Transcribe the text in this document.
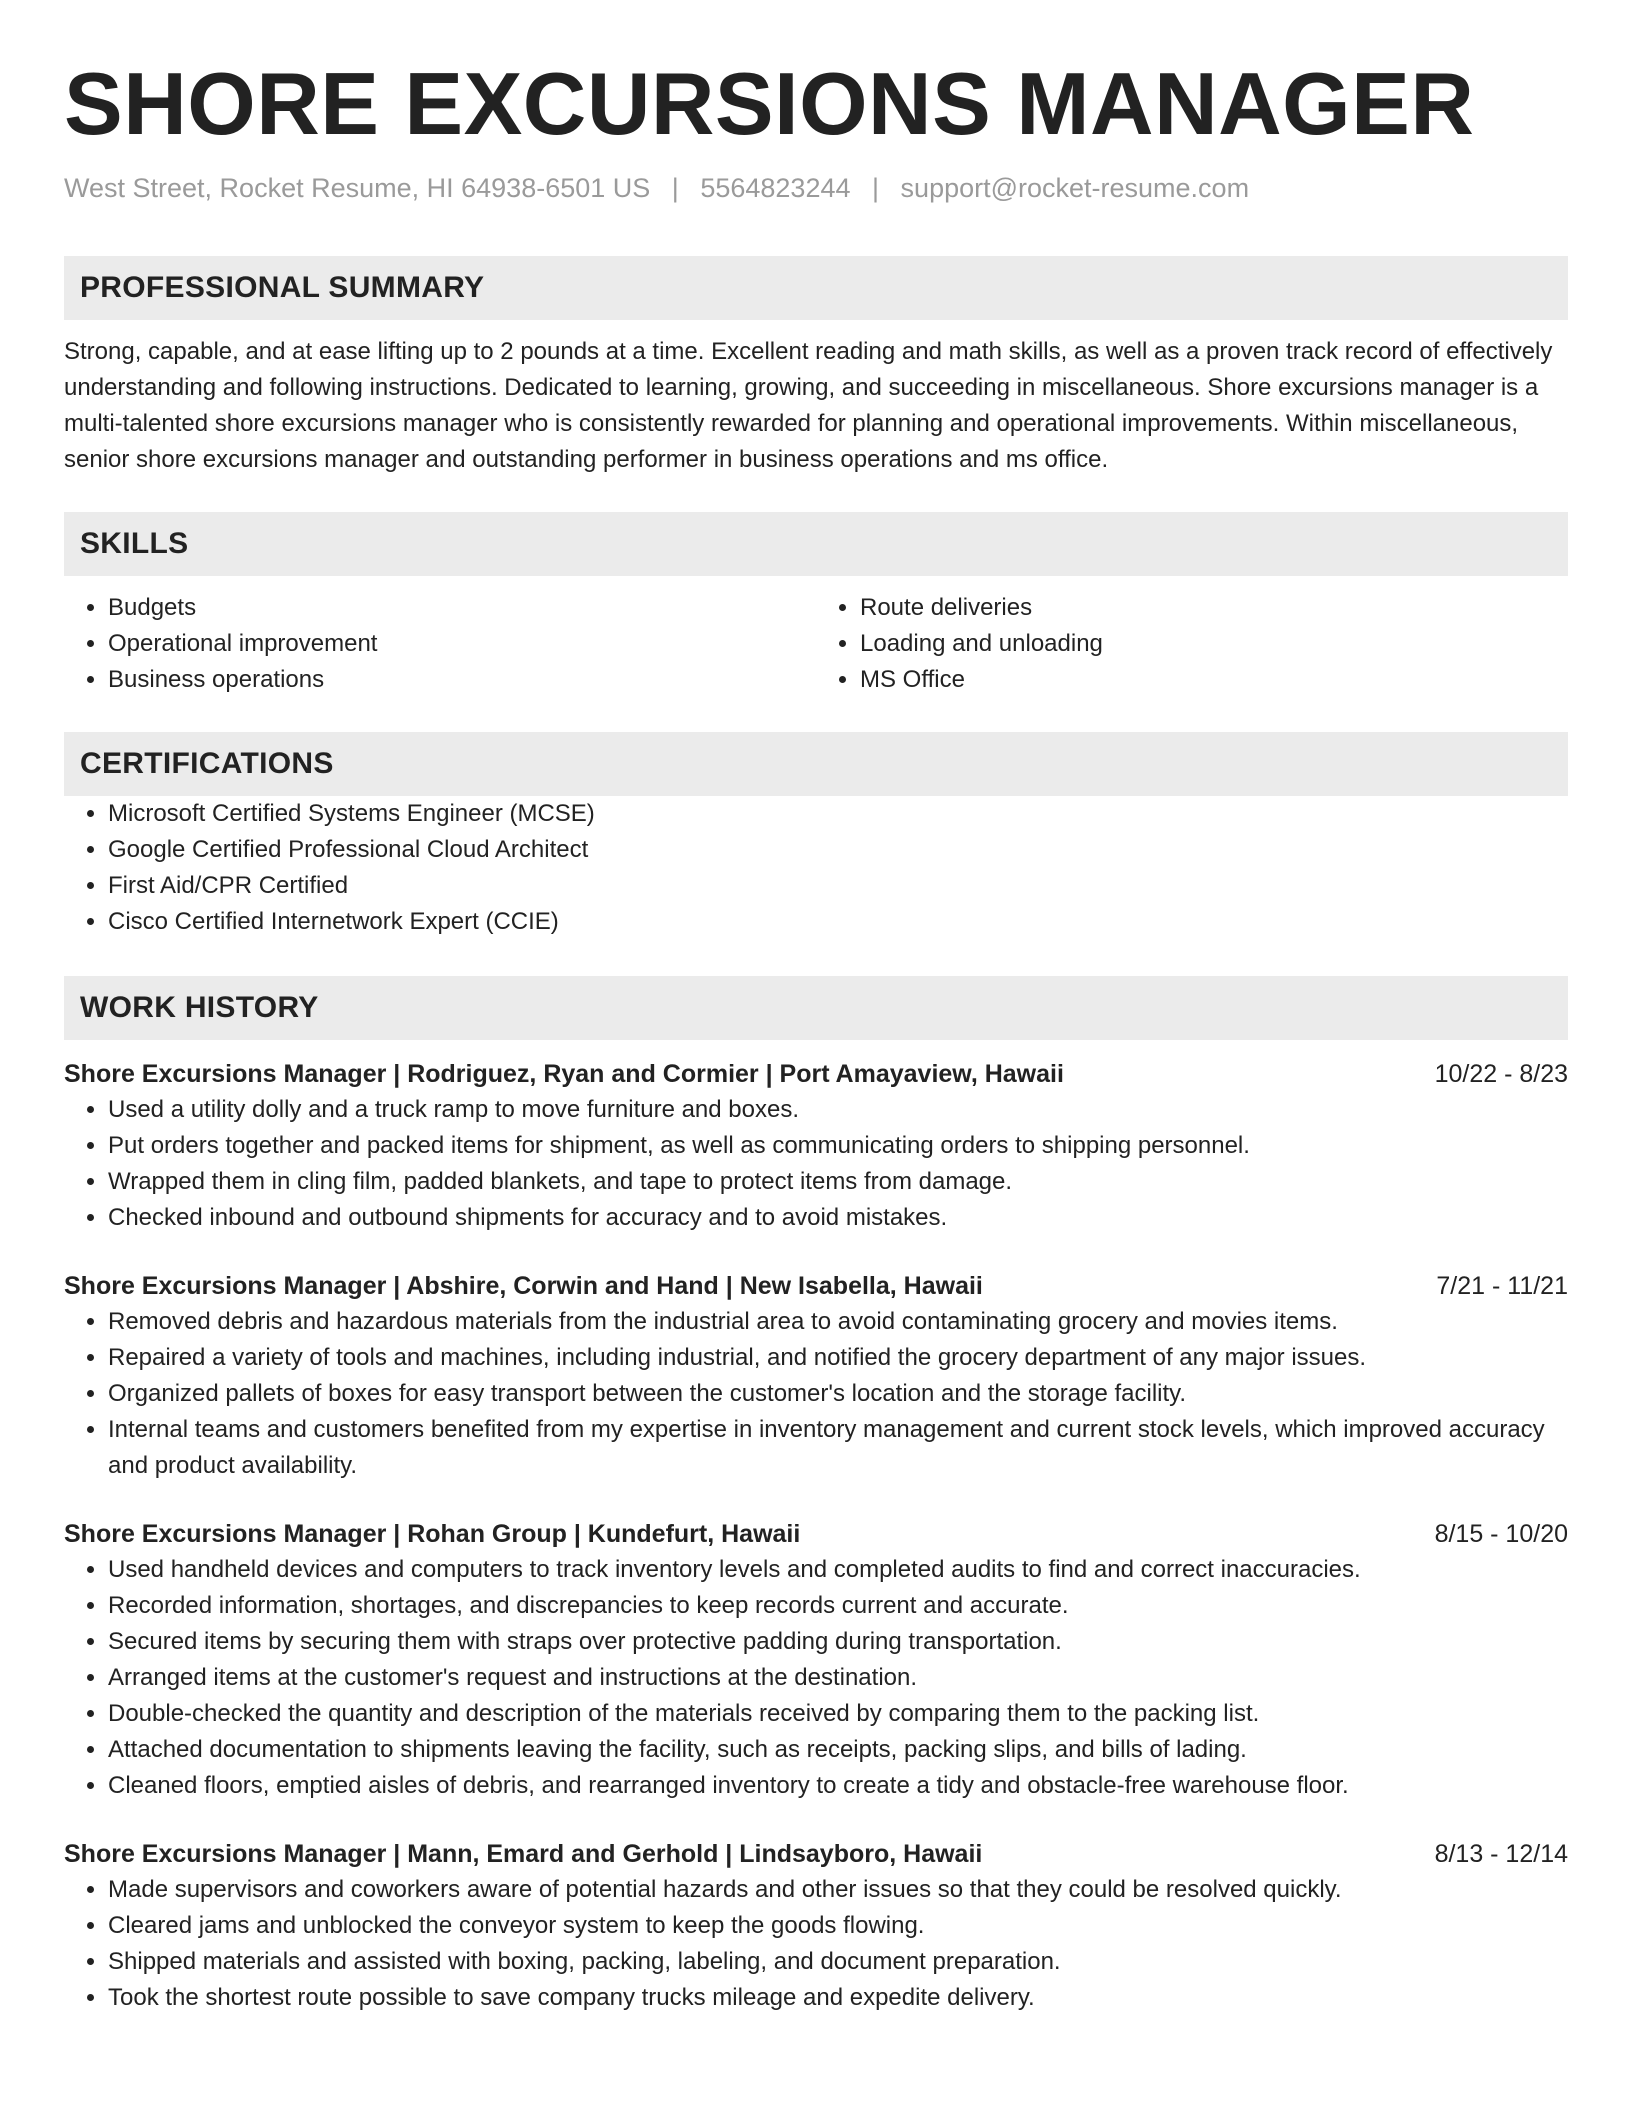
SHORE EXCURSIONS MANAGER
West Street, Rocket Resume, HI 64938-6501 US | 5564823244 | support@rocket-resume.com
PROFESSIONAL SUMMARY
Strong, capable, and at ease lifting up to 2 pounds at a time. Excellent reading and math skills, as well as a proven track record of effectively understanding and following instructions. Dedicated to learning, growing, and succeeding in miscellaneous. Shore excursions manager is a multi-talented shore excursions manager who is consistently rewarded for planning and operational improvements. Within miscellaneous, senior shore excursions manager and outstanding performer in business operations and ms office.
SKILLS
• Budgets
• Operational improvement
• Business operations
• Route deliveries
• Loading and unloading
• MS Office
CERTIFICATIONS
• Microsoft Certified Systems Engineer (MCSE)
• Google Certified Professional Cloud Architect
• First Aid/CPR Certified
• Cisco Certified Internetwork Expert (CCIE)
WORK HISTORY
Shore Excursions Manager | Rodriguez, Ryan and Cormier | Port Amayaview, Hawaii	10/22 - 8/23
• Used a utility dolly and a truck ramp to move furniture and boxes.
• Put orders together and packed items for shipment, as well as communicating orders to shipping personnel.
• Wrapped them in cling film, padded blankets, and tape to protect items from damage.
• Checked inbound and outbound shipments for accuracy and to avoid mistakes.
Shore Excursions Manager | Abshire, Corwin and Hand | New Isabella, Hawaii	7/21 - 11/21
• Removed debris and hazardous materials from the industrial area to avoid contaminating grocery and movies items.
• Repaired a variety of tools and machines, including industrial, and notified the grocery department of any major issues.
• Organized pallets of boxes for easy transport between the customer's location and the storage facility.
• Internal teams and customers benefited from my expertise in inventory management and current stock levels, which improved accuracy and product availability.
Shore Excursions Manager | Rohan Group | Kundefurt, Hawaii	8/15 - 10/20
• Used handheld devices and computers to track inventory levels and completed audits to find and correct inaccuracies.
• Recorded information, shortages, and discrepancies to keep records current and accurate.
• Secured items by securing them with straps over protective padding during transportation.
• Arranged items at the customer's request and instructions at the destination.
• Double-checked the quantity and description of the materials received by comparing them to the packing list.
• Attached documentation to shipments leaving the facility, such as receipts, packing slips, and bills of lading.
• Cleaned floors, emptied aisles of debris, and rearranged inventory to create a tidy and obstacle-free warehouse floor.
Shore Excursions Manager | Mann, Emard and Gerhold | Lindsayboro, Hawaii	8/13 - 12/14
• Made supervisors and coworkers aware of potential hazards and other issues so that they could be resolved quickly.
• Cleared jams and unblocked the conveyor system to keep the goods flowing.
• Shipped materials and assisted with boxing, packing, labeling, and document preparation.
• Took the shortest route possible to save company trucks mileage and expedite delivery.
